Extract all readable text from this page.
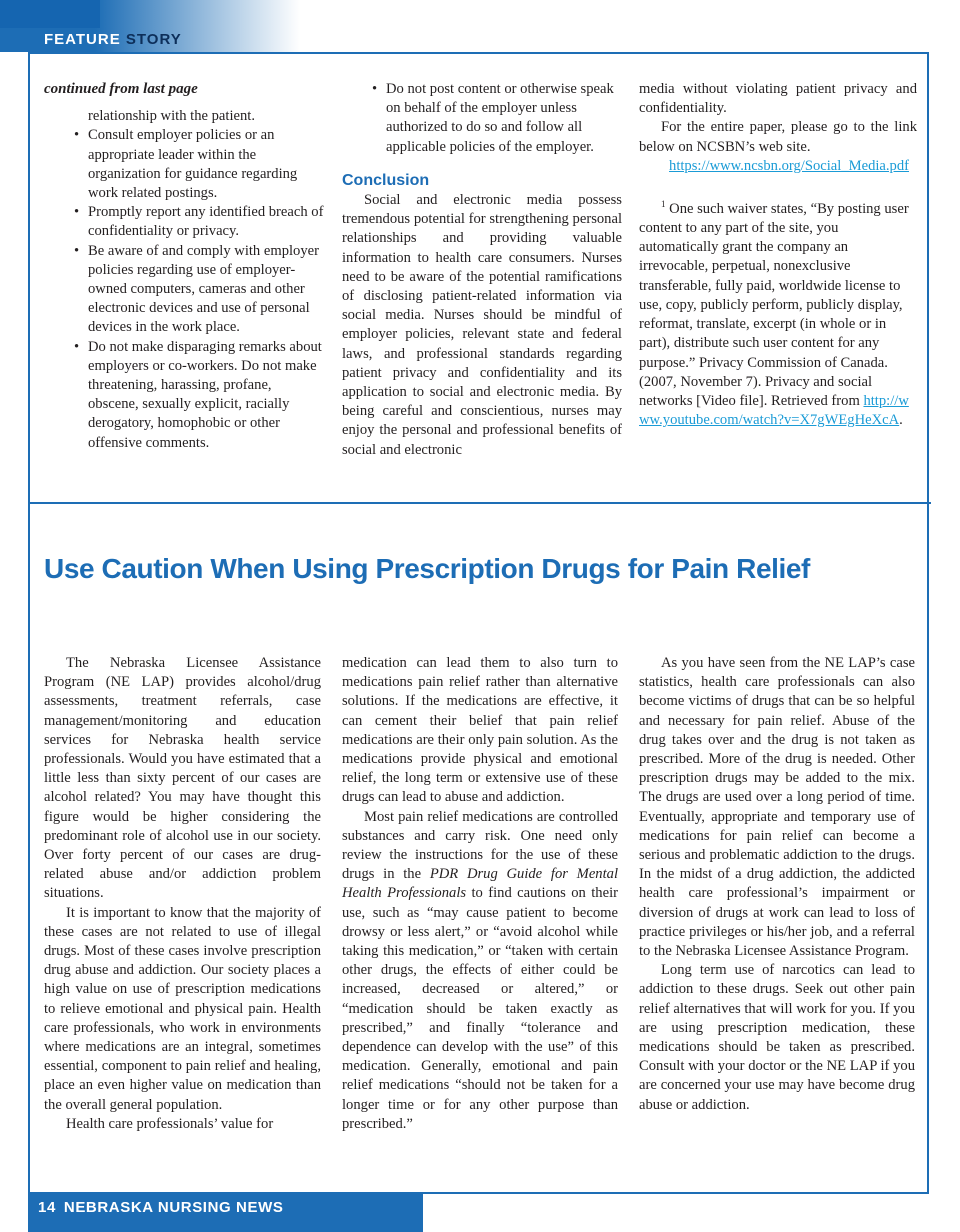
FEATURE STORY

continued from last page

relationship with the patient.

• Consult employer policies or an appropriate leader within the organization for guidance regarding work related postings.
• Promptly report any identified breach of confidentiality or privacy.
• Be aware of and comply with employer policies regarding use of employer-owned computers, cameras and other electronic devices and use of personal devices in the work place.
• Do not make disparaging remarks about employers or co-workers. Do not make threatening, harassing, profane, obscene, sexually explicit, racially derogatory, homophobic or other offensive comments.
• Do not post content or otherwise speak on behalf of the employer unless authorized to do so and follow all applicable policies of the employer.

Conclusion

Social and electronic media possess tremendous potential for strengthening personal relationships and providing valuable information to health care consumers. Nurses need to be aware of the potential ramifications of disclosing patient-related information via social media. Nurses should be mindful of employer policies, relevant state and federal laws, and professional standards regarding patient privacy and confidentiality and its application to social and electronic media. By being careful and conscientious, nurses may enjoy the personal and professional benefits of social and electronic

media without violating patient privacy and confidentiality.

For the entire paper, please go to the link below on NCSBN’s web site.

https://www.ncsbn.org/Social_Media.pdf

$^1$ One such waiver states, “By posting user content to any part of the site, you automatically grant the company an irrevocable, perpetual, nonexclusive transferable, fully paid, worldwide license to use, copy, publicly perform, publicly display, reformat, translate, excerpt (in whole or in part), distribute such user content for any purpose.” Privacy Commission of Canada. (2007, November 7). Privacy and social networks [Video file]. Retrieved from http://www.youtube.com/watch?v=X7gWEgHeXcA.

Use Caution When Using Prescription Drugs for Pain Relief

The Nebraska Licensee Assistance Program (NE LAP) provides alcohol/drug assessments, treatment referrals, case management/monitoring and education services for Nebraska health service professionals. Would you have estimated that a little less than sixty percent of our cases are alcohol related? You may have thought this figure would be higher considering the predominant role of alcohol use in our society. Over forty percent of our cases are drug-related abuse and/or addiction problem situations.

It is important to know that the majority of these cases are not related to use of illegal drugs. Most of these cases involve prescription drug abuse and addiction. Our society places a high value on use of prescription medications to relieve emotional and physical pain. Health care professionals, who work in environments where medications are an integral, sometimes essential, component to pain relief and healing, place an even higher value on medication than the overall general population.

Health care professionals’ value for

medication can lead them to also turn to medications pain relief rather than alternative solutions. If the medications are effective, it can cement their belief that pain relief medications are their only pain solution. As the medications provide physical and emotional relief, the long term or extensive use of these drugs can lead to abuse and addiction.

Most pain relief medications are controlled substances and carry risk. One need only review the instructions for the use of these drugs in the PDR Drug Guide for Mental Health Professionals to find cautions on their use, such as “may cause patient to become drowsy or less alert,” or “avoid alcohol while taking this medication,” or “taken with certain other drugs, the effects of either could be increased, decreased or altered,” or “medication should be taken exactly as prescribed,” and finally “tolerance and dependence can develop with the use” of this medication. Generally, emotional and pain relief medications “should not be taken for a longer time or for any other purpose than prescribed.”

As you have seen from the NE LAP’s case statistics, health care professionals can also become victims of drugs that can be so helpful and necessary for pain relief. Abuse of the drug takes over and the drug is not taken as prescribed. More of the drug is needed. Other prescription drugs may be added to the mix. The drugs are used over a long period of time. Eventually, appropriate and temporary use of medications for pain relief can become a serious and problematic addiction to the drugs. In the midst of a drug addiction, the addicted health care professional’s impairment or diversion of drugs at work can lead to loss of practice privileges or his/her job, and a referral to the Nebraska Licensee Assistance Program.

Long term use of narcotics can lead to addiction to these drugs. Seek out other pain relief alternatives that will work for you. If you are using prescription medication, these medications should be taken as prescribed. Consult with your doctor or the NE LAP if you are concerned your use may have become drug abuse or addiction.

14 NEBRASKA NURSING NEWS
